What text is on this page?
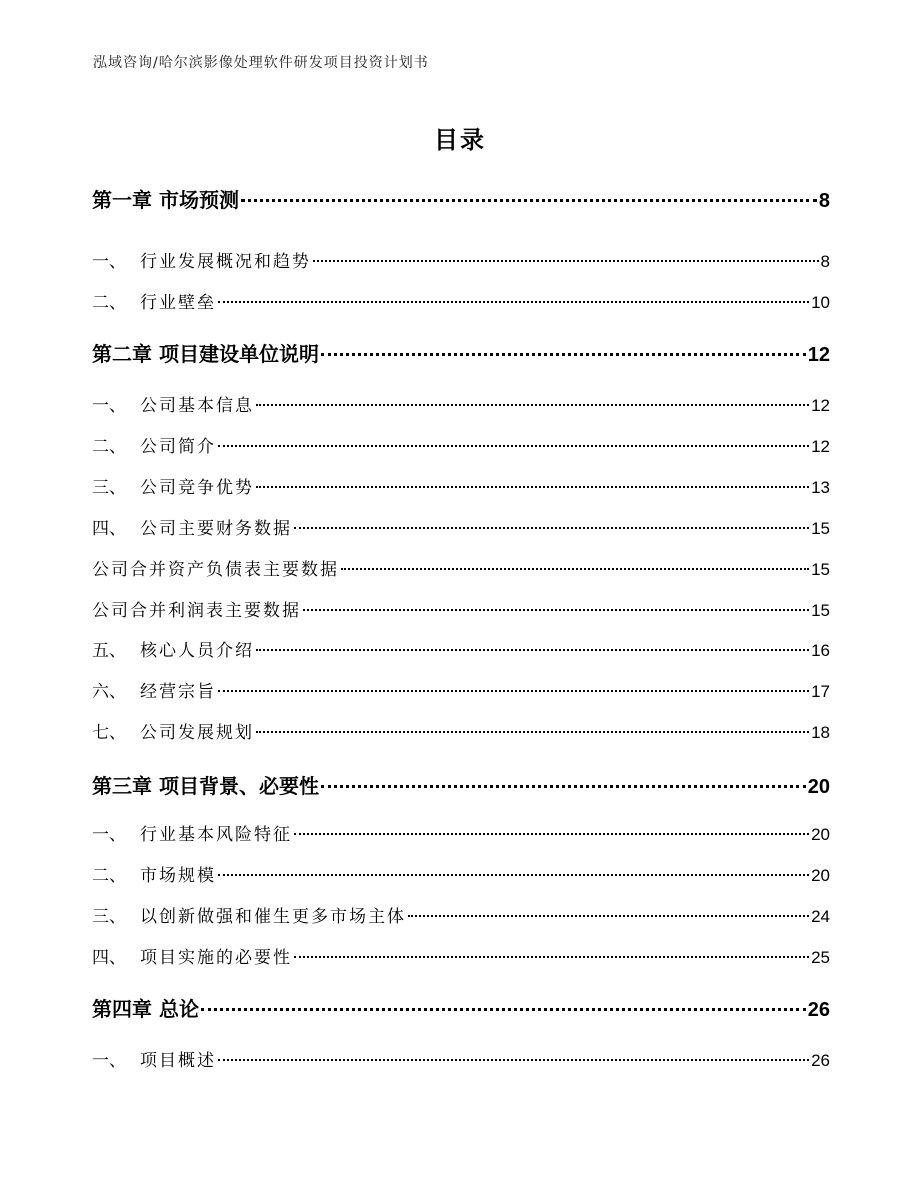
泓域咨询/哈尔滨影像处理软件研发项目投资计划书
目录
第一章 市场预测	8
一、 行业发展概况和趋势	8
二、 行业壁垒	10
第二章 项目建设单位说明	12
一、 公司基本信息	12
二、 公司简介	12
三、 公司竞争优势	13
四、 公司主要财务数据	15
公司合并资产负债表主要数据	15
公司合并利润表主要数据	15
五、 核心人员介绍	16
六、 经营宗旨	17
七、 公司发展规划	18
第三章 项目背景、必要性	20
一、 行业基本风险特征	20
二、 市场规模	20
三、 以创新做强和催生更多市场主体	24
四、 项目实施的必要性	25
第四章 总论	26
一、 项目概述	26
